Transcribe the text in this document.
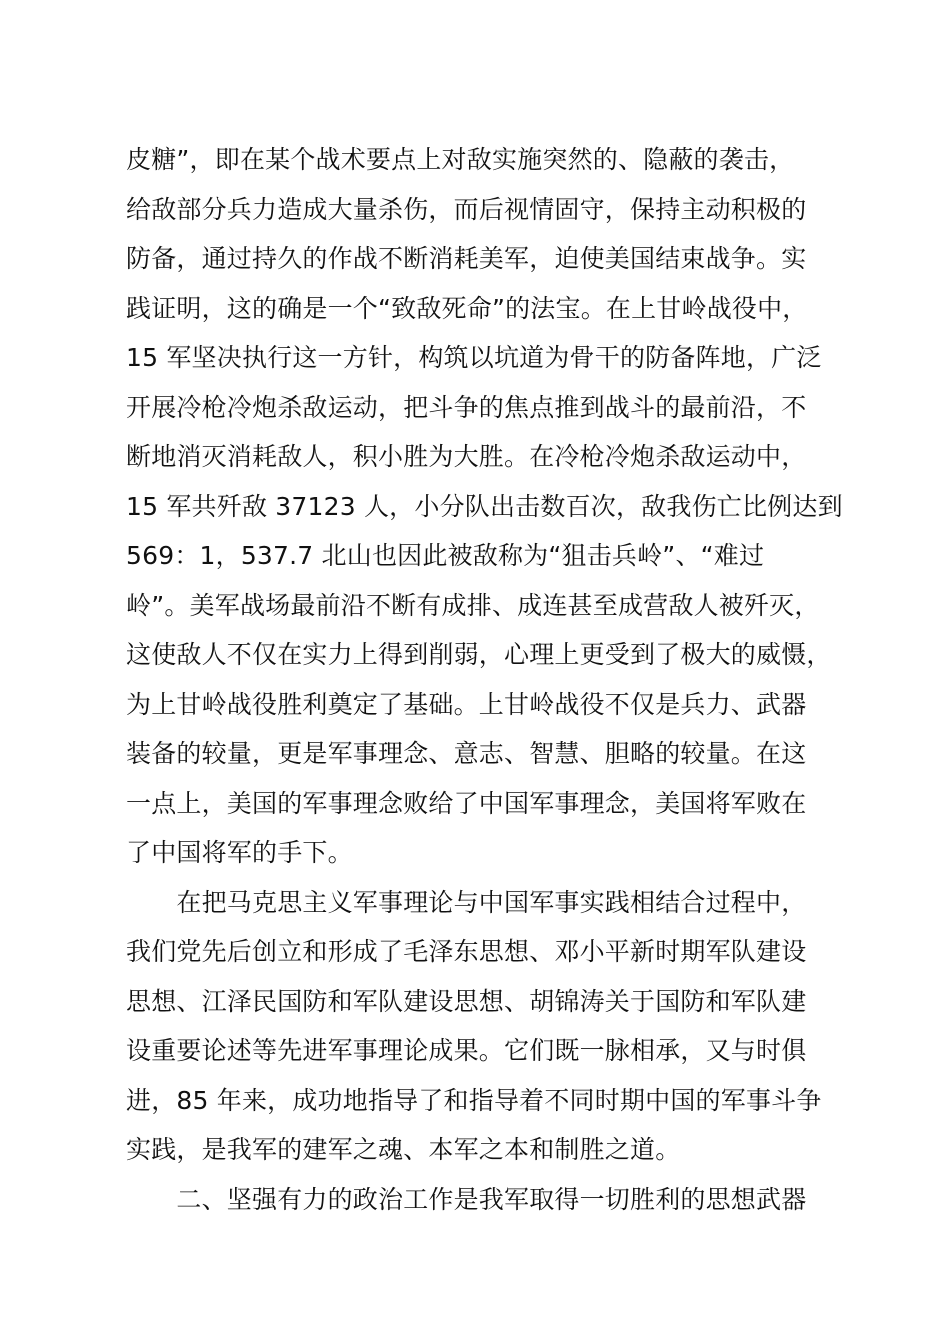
皮糖”，即在某个战术要点上对敌实施突然的、隐蔽的袭击，
给敌部分兵力造成大量杀伤，而后视情固守，保持主动积极的
防备，通过持久的作战不断消耗美军，迫使美国结束战争。实
践证明，这的确是一个“致敌死命”的法宝。在上甘岭战役中，
15 军坚决执行这一方针，构筑以坑道为骨干的防备阵地，广泛
开展冷枪冷炮杀敌运动，把斗争的焦点推到战斗的最前沿，不
断地消灭消耗敌人，积小胜为大胜。在冷枪冷炮杀敌运动中，
15 军共歼敌 37123 人，小分队出击数百次，敌我伤亡比例达到
569：1，537.7 北山也因此被敌称为“狙击兵岭”、“难过
岭”。美军战场最前沿不断有成排、成连甚至成营敌人被歼灭，
这使敌人不仅在实力上得到削弱，心理上更受到了极大的威慑，
为上甘岭战役胜利奠定了基础。上甘岭战役不仅是兵力、武器
装备的较量，更是军事理念、意志、智慧、胆略的较量。在这
一点上，美国的军事理念败给了中国军事理念，美国将军败在
了中国将军的手下。
　　在把马克思主义军事理论与中国军事实践相结合过程中，
我们党先后创立和形成了毛泽东思想、邓小平新时期军队建设
思想、江泽民国防和军队建设思想、胡锦涛关于国防和军队建
设重要论述等先进军事理论成果。它们既一脉相承，又与时俱
进，85 年来，成功地指导了和指导着不同时期中国的军事斗争
实践，是我军的建军之魂、本军之本和制胜之道。
　　二、坚强有力的政治工作是我军取得一切胜利的思想武器
